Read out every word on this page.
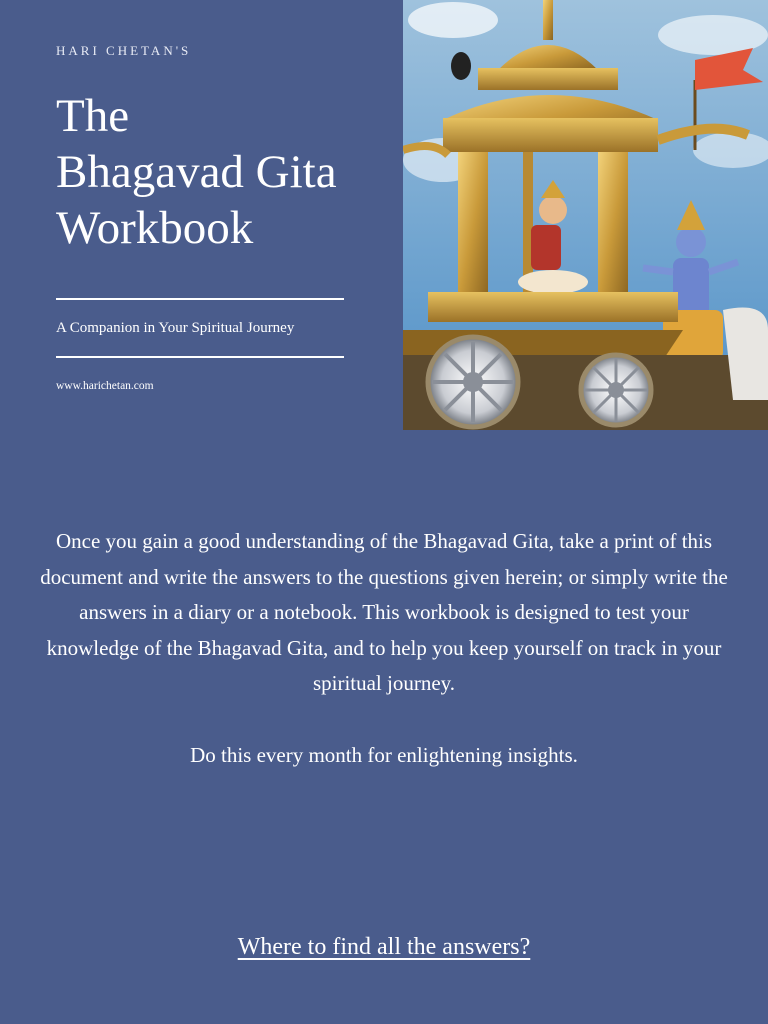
HARI CHETAN'S
The
Bhagavad Gita
Workbook
A Companion in Your Spiritual Journey
www.harichetan.com

Once you gain a good understanding of the Bhagavad Gita, take a print of this document and write the answers to the questions given herein; or simply write the answers in a diary or a notebook. This workbook is designed to test your knowledge of the Bhagavad Gita, and to help you keep yourself on track in your spiritual journey.

Do this every month for enlightening insights.

Where to find all the answers?
